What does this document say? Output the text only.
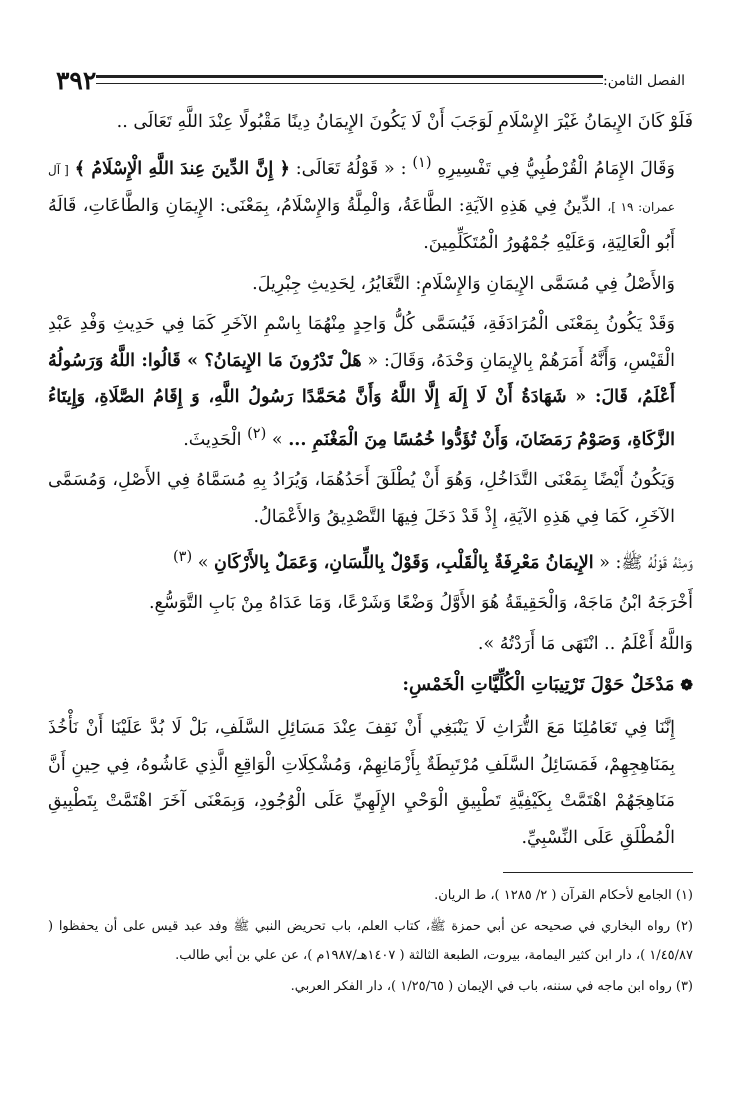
الفصل الثامن:
٣٩٢

فَلَوْ كَانَ الإِيمَانُ غَيْرَ الإِسْلَامِ لَوَجَبَ أَنْ لَا يَكُونَ الإِيمَانُ دِينًا مَقْبُولًا عِنْدَ اللَّهِ تَعَالَى ..

وَقَالَ الإِمَامُ الْقُرْطُبِيُّ فِي تَفْسِيرِهِ $^{(١)}$ : « قَوْلُهُ تَعَالَى: ﴿ إِنَّ الدِّينَ عِندَ اللَّهِ الْإِسْلَامُ ﴾ [ آل عمران: ١٩ ]، الدِّينُ فِي هَذِهِ الآيَةِ: الطَّاعَةُ، وَالْمِلَّةُ وَالإِسْلَامُ، بِمَعْنَى: الإِيمَانِ وَالطَّاعَاتِ، قَالَهُ أَبُو الْعَالِيَةِ، وَعَلَيْهِ جُمْهُورُ الْمُتَكَلِّمِينَ.

وَالأَصْلُ فِي مُسَمَّى الإِيمَانِ وَالإِسْلَامِ: التَّغَايُرُ، لِحَدِيثِ جِبْرِيلَ.

وَقَدْ يَكُونُ بِمَعْنَى الْمُرَادَفَةِ، فَيُسَمَّى كُلُّ وَاحِدٍ مِنْهُمَا بِاسْمِ الآخَرِ كَمَا فِي حَدِيثِ وَفْدِ عَبْدِ الْقَيْسِ، وَأَنَّهُ أَمَرَهُمْ بِالإِيمَانِ وَحْدَهُ، وَقَالَ: « هَلْ تَدْرُونَ مَا الإِيمَانُ؟ » قَالُوا: اللَّهُ وَرَسُولُهُ أَعْلَمُ، قَالَ: « شَهَادَةُ أَنْ لَا إِلَهَ إِلَّا اللَّهُ وَأَنَّ مُحَمَّدًا رَسُولُ اللَّهِ، وَ إِقَامُ الصَّلَاةِ، وَإِيتَاءُ الزَّكَاةِ، وَصَوْمُ رَمَضَانَ، وَأَنْ تُؤَدُّوا خُمُسًا مِنَ الْمَغْنَمِ ... » $^{(٢)}$ الْحَدِيثَ.

وَيَكُونُ أَيْضًا بِمَعْنَى التَّدَاخُلِ، وَهُوَ أَنْ يُطْلَقَ أَحَدُهُمَا، وَيُرَادُ بِهِ مُسَمَّاهُ فِي الأَصْلِ، وَمُسَمَّى الآخَرِ، كَمَا فِي هَذِهِ الآيَةِ، إِذْ قَدْ دَخَلَ فِيهَا التَّصْدِيقُ وَالأَعْمَالُ.

وَمِنْهُ قَوْلُهُ ﷺ: « الإِيمَانُ مَعْرِفَةٌ بِالْقَلْبِ، وَقَوْلٌ بِاللِّسَانِ، وَعَمَلٌ بِالأَرْكَانِ » $^{(٣)}$

أَخْرَجَهُ ابْنُ مَاجَهْ، وَالْحَقِيقَةُ هُوَ الأَوَّلُ وَضْعًا وَشَرْعًا، وَمَا عَدَاهُ مِنْ بَابِ التَّوَسُّعِ.

وَاللَّهُ أَعْلَمُ .. انْتَهَى مَا أَرَدْتُهُ ».

❁مَدْخَلٌ حَوْلَ تَرْتِيبَاتِ الْكُلِّيَّاتِ الْخَمْسِ:

إِنَّنَا فِي تَعَامُلِنَا مَعَ التُّرَاثِ لَا يَنْبَغِي أَنْ نَقِفَ عِنْدَ مَسَائِلِ السَّلَفِ، بَلْ لَا بُدَّ عَلَيْنَا أَنْ نَأْخُذَ بِمَنَاهِجِهِمْ، فَمَسَائِلُ السَّلَفِ مُرْتَبِطَةٌ بِأَزْمَانِهِمْ، وَمُشْكِلَاتِ الْوَاقِعِ الَّذِي عَاشُوهُ، فِي حِينِ أَنَّ مَنَاهِجَهُمْ اهْتَمَّتْ بِكَيْفِيَّةِ تَطْبِيقِ الْوَحْيِ الإِلَهِيِّ عَلَى الْوُجُودِ، وَبِمَعْنَى آخَرَ اهْتَمَّتْ بِتَطْبِيقِ الْمُطْلَقِ عَلَى النِّسْبِيِّ.

(١) الجامع لأحكام القرآن ( ٢/ ١٢٨٥ )، ط الريان.

(٢) رواه البخاري في صحيحه عن أبي حمزة ﷺ، كتاب العلم، باب تحريض النبي ﷺ وفد عبد قيس على أن يحفظوا ( ١/٤٥/٨٧ )، دار ابن كثير اليمامة، بيروت، الطبعة الثالثة ( ١٤٠٧هـ/١٩٨٧م )، عن علي بن أبي طالب.

(٣) رواه ابن ماجه في سننه، باب في الإيمان ( ١/٢٥/٦٥ )، دار الفكر العربي.
